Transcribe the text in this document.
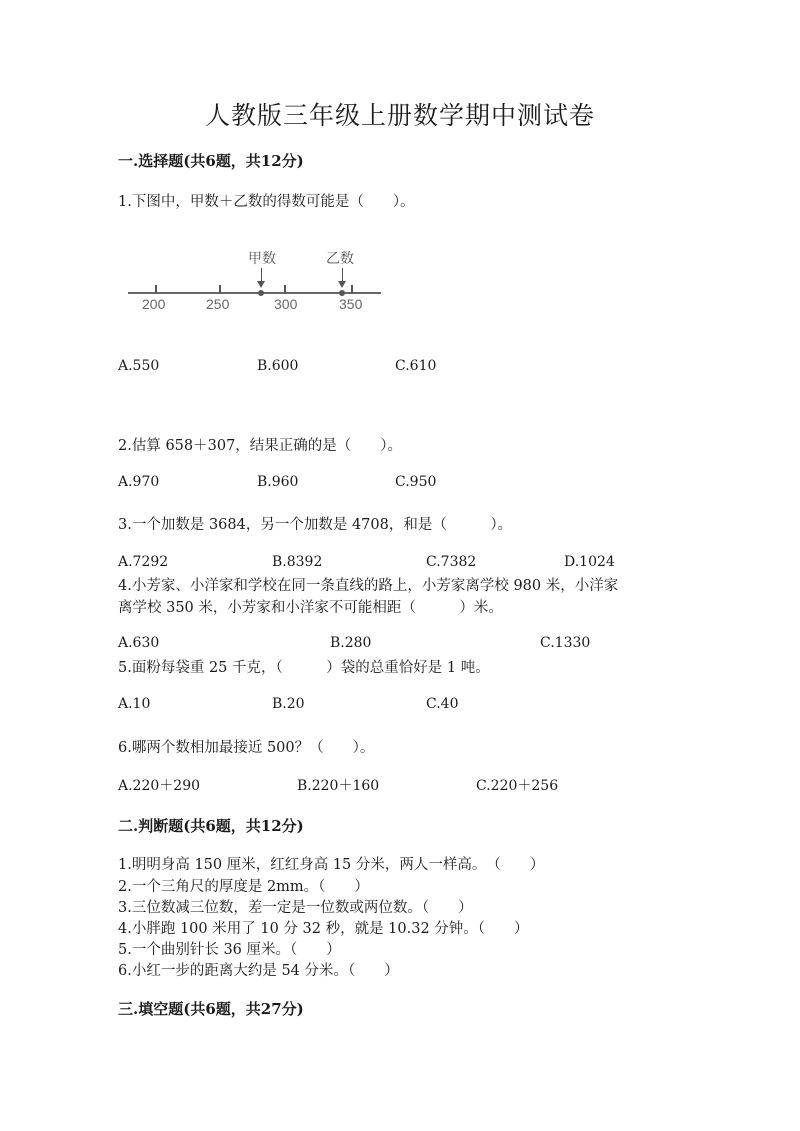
人教版三年级上册数学期中测试卷
一.选择题(共6题，共12分)
1.下图中，甲数＋乙数的得数可能是（　　）。
甲数	乙数
200	250	300	350
A.550	B.600	C.610
2.估算 658＋307，结果正确的是（　　）。
A.970	B.960	C.950
3.一个加数是 3684，另一个加数是 4708，和是（　　　）。
A.7292	B.8392	C.7382	D.1024
4.小芳家、小洋家和学校在同一条直线的路上，小芳家离学校 980 米，小洋家
离学校 350 米，小芳家和小洋家不可能相距（　　　）米。
A.630	B.280	C.1330
5.面粉每袋重 25 千克，（　　　）袋的总重恰好是 1 吨。
A.10	B.20	C.40
6.哪两个数相加最接近 500？（　　）。
A.220＋290	B.220＋160	C.220＋256
二.判断题(共6题，共12分)
1.明明身高 150 厘米，红红身高 15 分米，两人一样高。　（　　）
2.一个三角尺的厚度是 2mm。（　　）
3.三位数减三位数，差一定是一位数或两位数。（　　）
4.小胖跑 100 米用了 10 分 32 秒，就是 10.32 分钟。（　　）
5.一个曲别针长 36 厘米。（　　）
6.小红一步的距离大约是 54 分米。（　　）
三.填空题(共6题，共27分)
